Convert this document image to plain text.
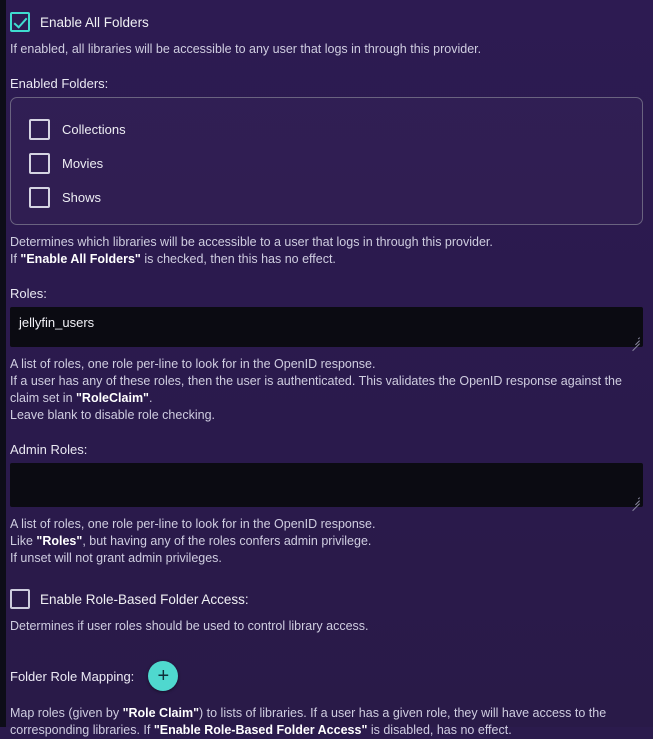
Enable All Folders
If enabled, all libraries will be accessible to any user that logs in through this provider.
Enabled Folders:
Collections
Movies
Shows
Determines which libraries will be accessible to a user that logs in through this provider.
If "Enable All Folders" is checked, then this has no effect.
Roles:
jellyfin_users
A list of roles, one role per-line to look for in the OpenID response.
If a user has any of these roles, then the user is authenticated. This validates the OpenID response against the
claim set in "RoleClaim".
Leave blank to disable role checking.
Admin Roles:
A list of roles, one role per-line to look for in the OpenID response.
Like "Roles", but having any of the roles confers admin privilege.
If unset will not grant admin privileges.
Enable Role-Based Folder Access:
Determines if user roles should be used to control library access.
Folder Role Mapping:	+
Map roles (given by "Role Claim") to lists of libraries. If a user has a given role, they will have access to the
corresponding libraries. If "Enable Role-Based Folder Access" is disabled, has no effect.
